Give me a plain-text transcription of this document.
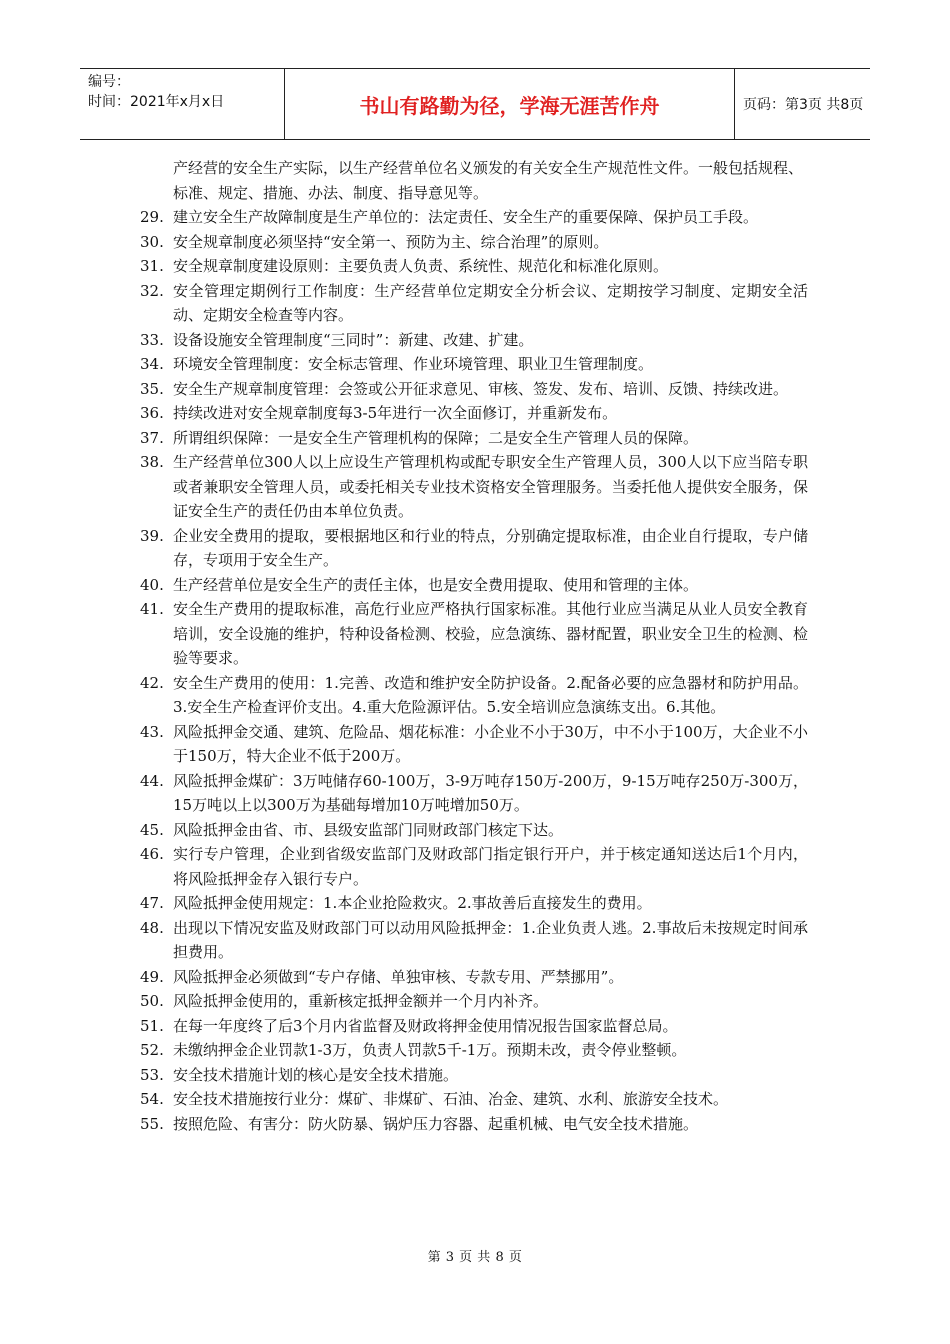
编号：
时间：2021年x月x日	书山有路勤为径，学海无涯苦作舟	页码：第3页 共8页
产经营的安全生产实际，以生产经营单位名义颁发的有关安全生产规范性文件。一般包括规程、标准、规定、措施、办法、制度、指导意见等。
29. 建立安全生产故障制度是生产单位的：法定责任、安全生产的重要保障、保护员工手段。
30. 安全规章制度必须坚持“安全第一、预防为主、综合治理”的原则。
31. 安全规章制度建设原则：主要负责人负责、系统性、规范化和标准化原则。
32. 安全管理定期例行工作制度：生产经营单位定期安全分析会议、定期按学习制度、定期安全活动、定期安全检查等内容。
33. 设备设施安全管理制度“三同时”：新建、改建、扩建。
34. 环境安全管理制度：安全标志管理、作业环境管理、职业卫生管理制度。
35. 安全生产规章制度管理：会签或公开征求意见、审核、签发、发布、培训、反馈、持续改进。
36. 持续改进对安全规章制度每3-5年进行一次全面修订，并重新发布。
37. 所谓组织保障：一是安全生产管理机构的保障；二是安全生产管理人员的保障。
38. 生产经营单位300人以上应设生产管理机构或配专职安全生产管理人员，300人以下应当陪专职或者兼职安全管理人员，或委托相关专业技术资格安全管理服务。当委托他人提供安全服务，保证安全生产的责任仍由本单位负责。
39. 企业安全费用的提取，要根据地区和行业的特点，分别确定提取标准，由企业自行提取，专户储存，专项用于安全生产。
40. 生产经营单位是安全生产的责任主体，也是安全费用提取、使用和管理的主体。
41. 安全生产费用的提取标准，高危行业应严格执行国家标准。其他行业应当满足从业人员安全教育培训，安全设施的维护，特种设备检测、校验，应急演练、器材配置，职业安全卫生的检测、检验等要求。
42. 安全生产费用的使用：1.完善、改造和维护安全防护设备。2.配备必要的应急器材和防护用品。3.安全生产检查评价支出。4.重大危险源评估。5.安全培训应急演练支出。6.其他。
43. 风险抵押金交通、建筑、危险品、烟花标准：小企业不小于30万，中不小于100万，大企业不小于150万，特大企业不低于200万。
44. 风险抵押金煤矿：3万吨储存60-100万，3-9万吨存150万-200万，9-15万吨存250万-300万，15万吨以上以300万为基础每增加10万吨增加50万。
45. 风险抵押金由省、市、县级安监部门同财政部门核定下达。
46. 实行专户管理，企业到省级安监部门及财政部门指定银行开户，并于核定通知送达后1个月内，将风险抵押金存入银行专户。
47. 风险抵押金使用规定：1.本企业抢险救灾。2.事故善后直接发生的费用。
48. 出现以下情况安监及财政部门可以动用风险抵押金：1.企业负责人逃。2.事故后未按规定时间承担费用。
49. 风险抵押金必须做到“专户存储、单独审核、专款专用、严禁挪用”。
50. 风险抵押金使用的，重新核定抵押金额并一个月内补齐。
51. 在每一年度终了后3个月内省监督及财政将押金使用情况报告国家监督总局。
52. 未缴纳押金企业罚款1-3万，负责人罚款5千-1万。预期未改，责令停业整顿。
53. 安全技术措施计划的核心是安全技术措施。
54. 安全技术措施按行业分：煤矿、非煤矿、石油、冶金、建筑、水利、旅游安全技术。
55. 按照危险、有害分：防火防暴、锅炉压力容器、起重机械、电气安全技术措施。
第 3 页 共 8 页
